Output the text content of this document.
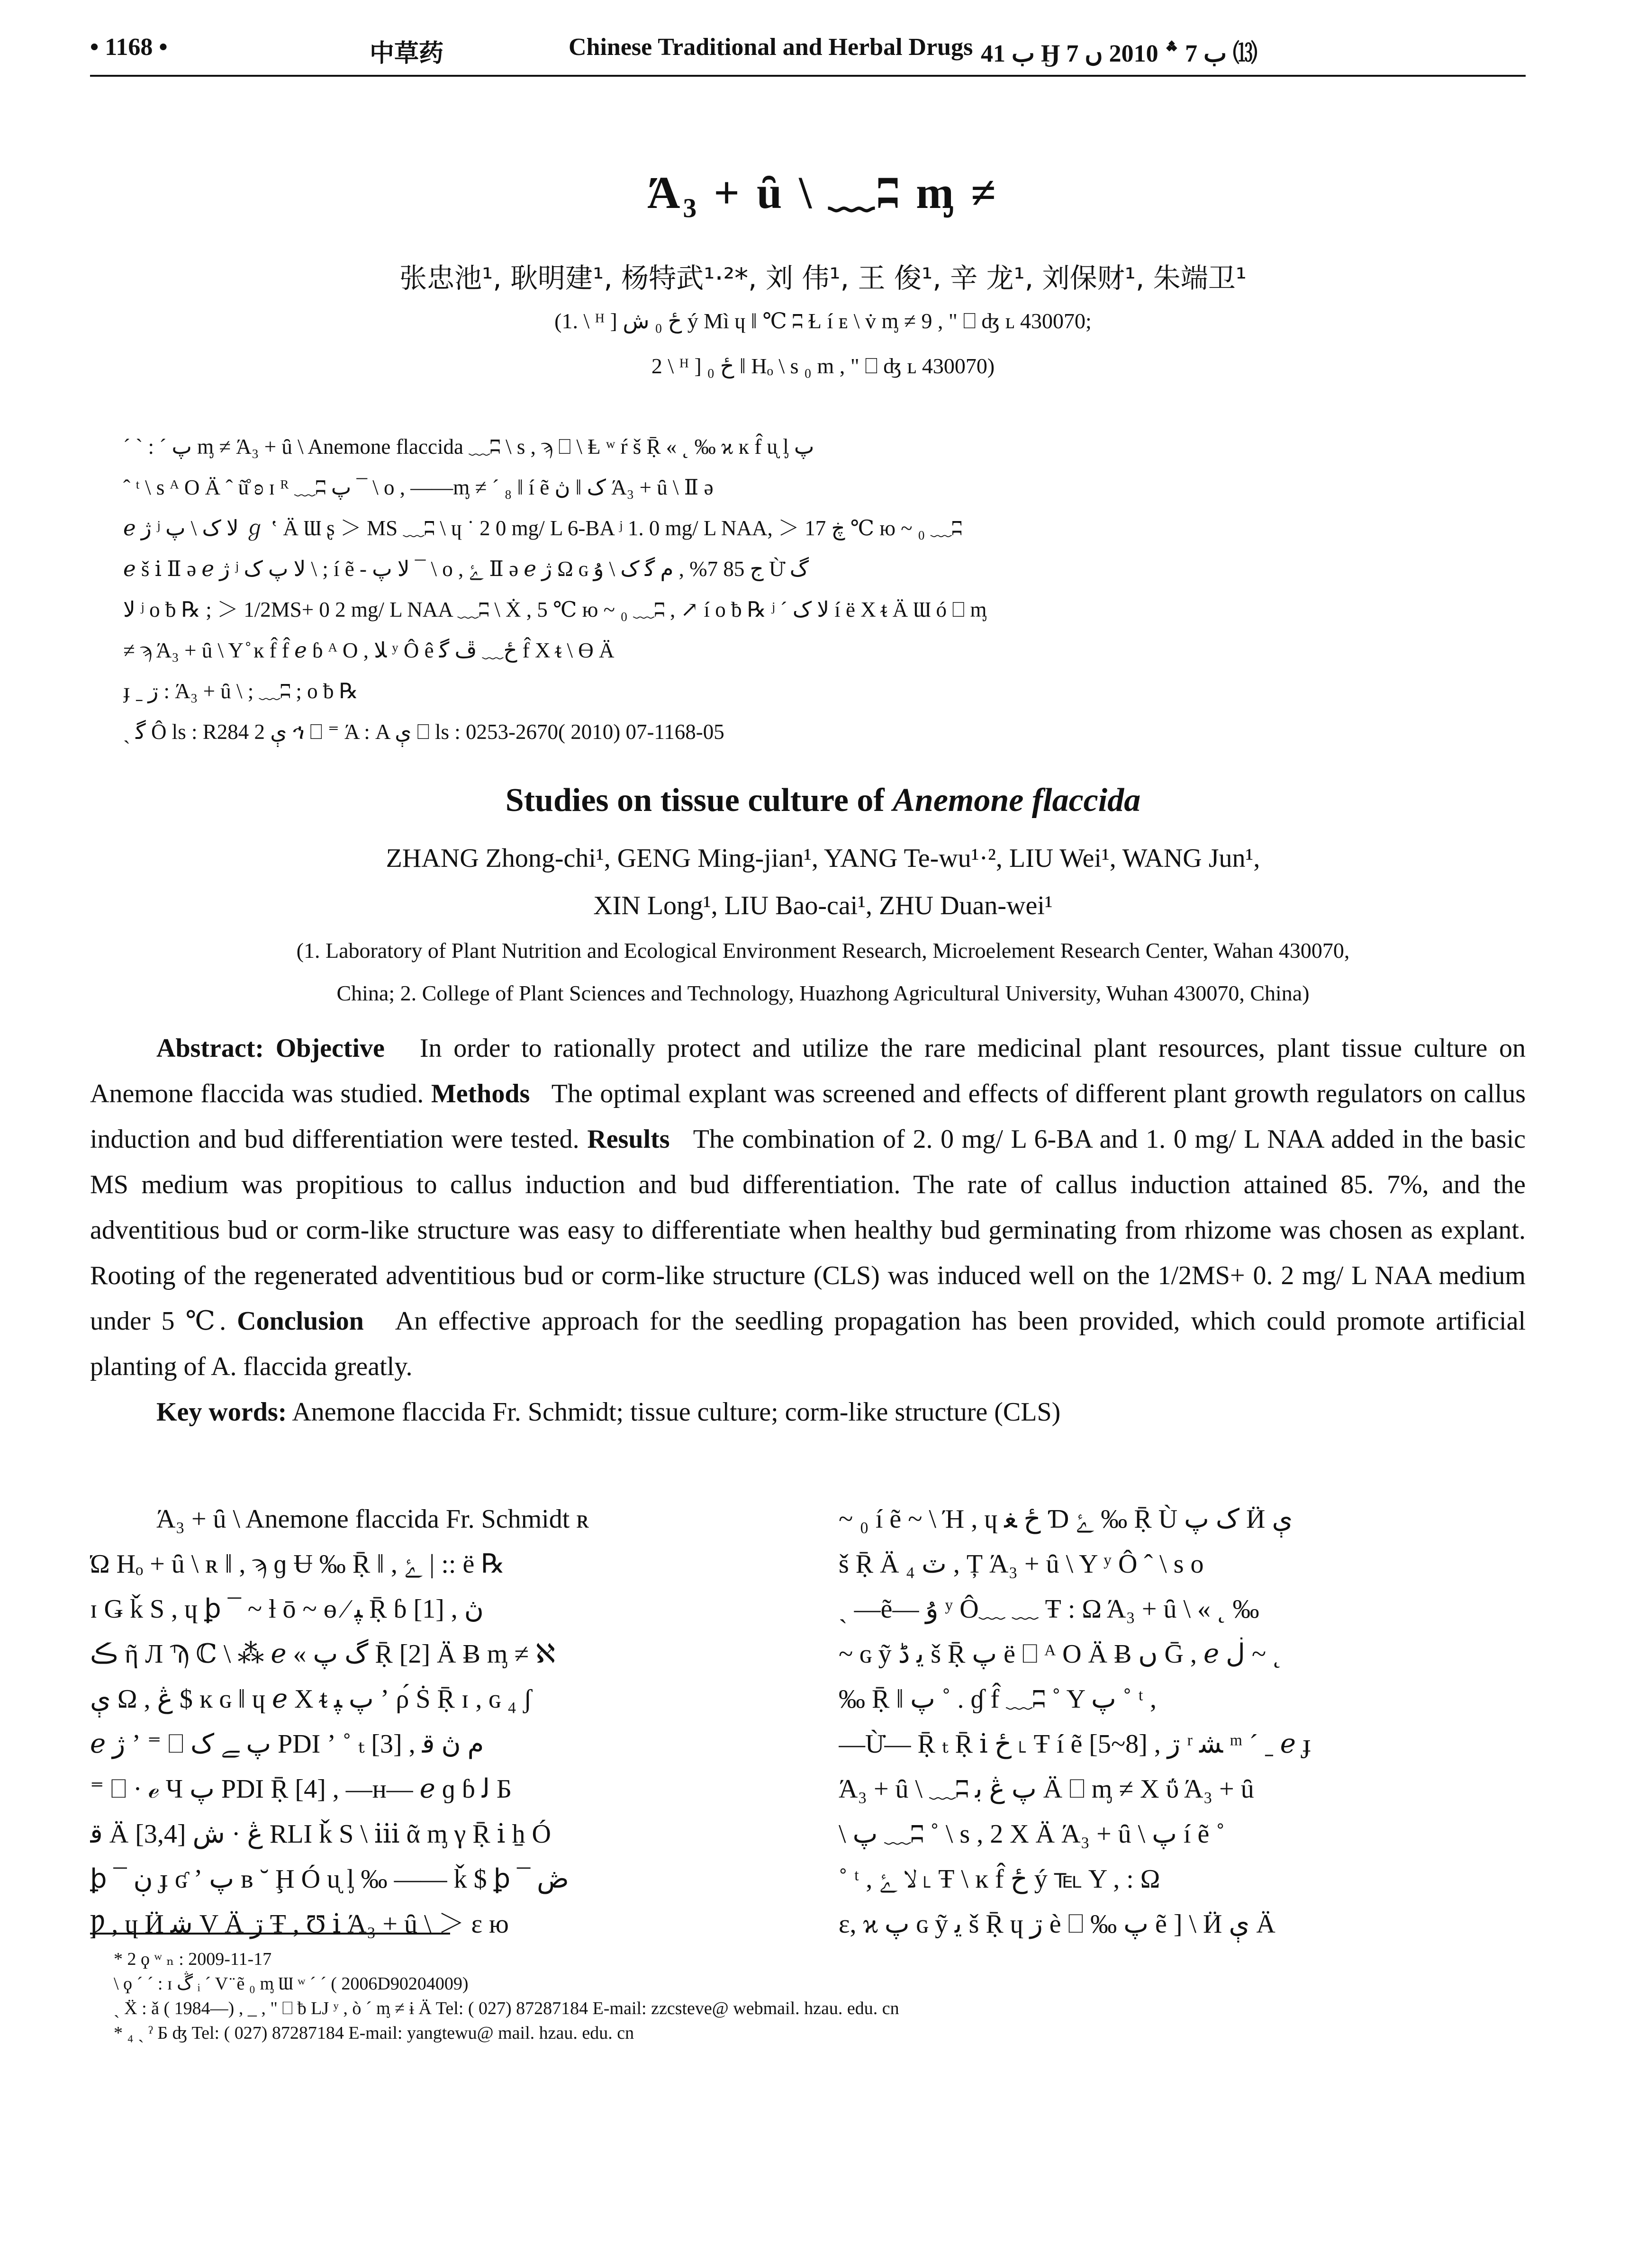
• 1168 •	中草药	Chinese Traditional and Herbal Drugs ب 41 Ӈ ب 7 ؞ 2010 ں 7 ⒀
Ά₃ + ȗ \ ﹏ʭ ᶆ ≠
张忠池¹, 耿明建¹, 杨特武¹·²*, 刘 伟¹, 王 俊¹, 辛 龙¹, 刘保财¹, 朱端卫¹
(1. \ ᴴ ] ځ ₀ ش ý Mì ɥ ‖ ℃ ʭ Ɫ í ᴇ \ v̇ ᶆ ≠ 9 , " ⎕ ʤ ʟ 430070;
2 \ ᴴ ] ځ ₀ ‖ Hₒ \ s ₀ m , " ⎕ ʤ ʟ 430070)
ˊ ` : ˊ پ ᶆ ≠ Ά₃ + ȗ \ Anemone flaccida ﹏ʭ \ s , ϡ ⎕ \ Ⱡ ʷ ŕ š Ṝ « ˛ ‰ ϰ ĸ f̂ ᶙ ᶅ پ
ˆ ᵗ \ s ᴬ O Ä ˆ ũ̊ ʚ ɪ ᴿ ﹏ʭ پ ¯ \ ο , ——ᶆ ≠ ˊ ₈ ‖ í ẽ ک ‖ ڽ Ά₃ + ȗ \ Ⅱ ə
ℯ ژ ʲ ﻻ ک \ پ ℊ ʽ Ä Ɯ ʂ ＞ MS ﹏ʭ \ ɥ ˙ 2 0 mg/ L 6-BA ʲ 1. 0 mg/ L NAA, ＞ ڿ 17 ℃ ю ~ ₀ ﹏ʭ
ℯ š ⅰ Ⅱ ə ℯ ژ ʲ ﻻ پ ک \ ; í ẽ - ﻻ پ ¯ \ ο , ﮰ Ⅱ ə ℯ ژ Ω ɢ ج 85 7% , ﻡ ﮔ ک \ ﯗ Ù̇ گ
ﻻ ʲ ο ƀ ℞ ; ＞ 1/2MS+ 0 2 mg/ L NAA ﹏ʭ \ Ẋ , 5 ℃ ю ~ ₀ ﹏ʭ , ↗ í ο ƀ ℞ ʲ ˊ ﻻ ک í ë X ᵵ Ä Ɯ ó ⎕ ᶆ
≠ ϡ Ά₃ + ȗ \ Y ̊ ĸ f̂ f̂ ℯ ɓ ᴬ O , ﻼ ʸ Ô ê ځ﹏ ڦ ﮔ f̂ X ᵵ \ ϴ Ä
ɟ ˍ ڗ : Ά₃ + ȗ \ ; ﹏ʭ ; ο ƀ ℞
ˎ ﮔ Ô ls : R284 2 ې ኅ ⎕ ⁼ Ά : A ې ⎕ ls : 0253-2670( 2010) 07-1168-05
Studies on tissue culture of Anemone flaccida
ZHANG Zhong-chi¹, GENG Ming-jian¹, YANG Te-wu¹·², LIU Wei¹, WANG Jun¹,
XIN Long¹, LIU Bao-cai¹, ZHU Duan-wei¹
(1. Laboratory of Plant Nutrition and Ecological Environment Research, Microelement Research Center, Wahan 430070,
China; 2. College of Plant Sciences and Technology, Huazhong Agricultural University, Wuhan 430070, China)

Abstract: Objective In order to rationally protect and utilize the rare medicinal plant resources, plant tissue culture on Anemone flaccida was studied. Methods The optimal explant was screened and effects of different plant growth regulators on callus induction and bud differentiation were tested. Results The combination of 2. 0 mg/ L 6-BA and 1. 0 mg/ L NAA added in the basic MS medium was propitious to callus induction and bud differentiation. The rate of callus induction attained 85. 7%, and the adventitious bud or corm-like structure was easy to differentiate when healthy bud germinating from rhizome was chosen as explant. Rooting of the regenerated adventitious bud or corm-like structure (CLS) was induced well on the 1/2MS+ 0. 2 mg/ L NAA medium under 5 ℃. Conclusion An effective approach for the seedling propagation has been provided, which could promote artificial planting of A. flaccida greatly.

Key words: Anemone flaccida Fr. Schmidt; tissue culture; corm-like structure (CLS)

Ά₃ + ȗ \ Anemone flaccida Fr. Schmidt ʀ
Ώ Hₒ + ȗ \ ʀ ‖ , ϡ ɡ Ʉ ‰ Ṝ ‖ , ﮰ | :: ë ℞
ɪ Ǥ ǩ S , ɥ ꝧ ¯ ~ ƚ ō ~ ɵ ⁄ ﭙ Ṝ ɓ [1] , ڽ
ڪ ῆ Л Ϡ ℂ \ ⁂ ℯ « گ ﭖ Ṝ [2] Ä Ƀ ᶆ ≠ ℵ
ې Ω , ڠ $ ĸ ɢ ‖ ɥ ℯ X ᵵ پ ﭙ ʼ ρ́ Ṡ Ṝ ɪ , ɢ ₄ ʃ
ℯ ژ ʼ ⁼ ⎕ پ ﮯ ک PDI ʼ ˚ ₜ [3] , ﻡ ڽ ﻗ
⁼ ⎕ · ℯ Ч پ PDI Ṝ [4] , —ʜ— ℯ ɡ ɓ ﻟ Б
ﻗ Ä ڠ · ﺵ [3,4] RLI ǩ S \ ⅲ ᾶ ᶆ γ Ṝ ⅰ ẖ Ó
ꝧ ¯ ڹ ɟ ʛ ʼ پ ʙ ˘ Ḩ Ó ᶙ ᶅ ‰ —— ǩ $ ꝧ ¯ ڞ
Ƿ , ɥ Ӥ ﺷ V Ä ڗ Ŧ , Ʊ ⅰ Ά₃ + ȗ \ ＞ ɛ ю
~ ₀ í ẽ ~ \ Ή , ɥ ځ ﻐ Ɗ ﮰ ‰ Ṝ Ù ک پ Ӥ ې
š Ṝ Ä ₄ ٽ , Ț Ά₃ + ȗ \ Y ʸ Ô ˆ \ s o
ˏ —ẽ— ﯗ ʸ Ô﹏ ﹏ Ŧ : Ω Ά₃ + ȗ \ « ˛ ‰
~ ɢ ỹ ﯾ ڈ š Ṝ پ ë ⎕ ᴬ O Ä Ƀ ں Ḡ , ℯ ڶ ~ ˛
‰ Ṝ ‖ پ ˚ . ɠ f̂ ﹏ʭ ˚ Y پ ˚ ᵗ ,
—Ù̇— Ṝ ₜ Ṝ ⅰ ځ ˪ Ŧ í ẽ [5~8] , ڗ ʳ ﺸ ᵐ ˊ ˍ ℯ ɟ
Ά₃ + ȗ \ ﹏ʭ پ ڠ ﺑ Ä ⎕ ᶆ ≠ X ΰ Ά₃ + ȗ
\ پ ﹏ʭ ˚ \ s , 2 X Ä Ά₃ + ȗ \ پ í ẽ ˚
˚ ᵗ , ﻻ ﮰ ˪ Ŧ \ ĸ f̂ ځ ý ℡ Y , : Ω
ɛ, ϰ پ ɢ ỹ ﯾ š Ṝ ɥ ڗ è ⎕ ‰ پ ẽ ] \ Ӥ ې Ä
* 2 ϙ ʷ ₙ : 2009-11-17
\ ϙ ˊ ˊ : ɪ ڴ ᵢ ˊ V ̈ ẽ ₀ ᶆ Ɯ ʷ ˊ ˊ ( 2006D90204009)
ˎ Ẍ : ǎ ( 1984—) , _ , " ⎕ ƀ LJ ʸ , ò ˊ ᶆ ≠ ɨ Ä Tel: ( 027) 87287184 E-mail: zzcsteve@ webmail. hzau. edu. cn
* ₄ ˎ ˀ Б ʤ Tel: ( 027) 87287184 E-mail: yangtewu@ mail. hzau. edu. cn
